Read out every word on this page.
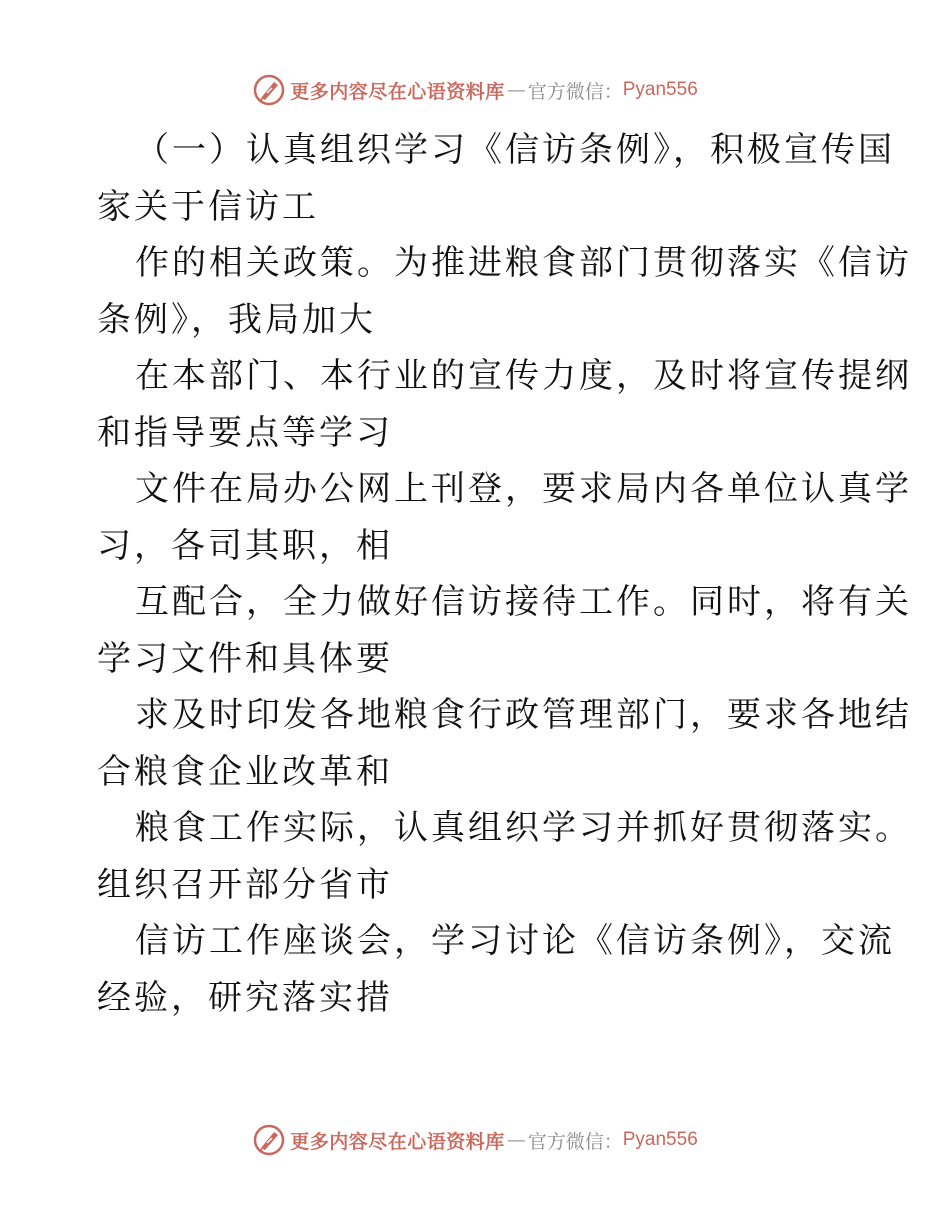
更多内容尽在心语资料库 — 官方微信： Pyan556
（一）认真组织学习《信访条例》，积极宣传国
家关于信访工
作的相关政策。为推进粮食部门贯彻落实《信访
条例》，我局加大
在本部门、本行业的宣传力度，及时将宣传提纲
和指导要点等学习
文件在局办公网上刊登，要求局内各单位认真学
习，各司其职，相
互配合，全力做好信访接待工作。同时，将有关
学习文件和具体要
求及时印发各地粮食行政管理部门，要求各地结
合粮食企业改革和
粮食工作实际，认真组织学习并抓好贯彻落实。
组织召开部分省市
信访工作座谈会，学习讨论《信访条例》，交流
经验，研究落实措
更多内容尽在心语资料库 — 官方微信： Pyan556
